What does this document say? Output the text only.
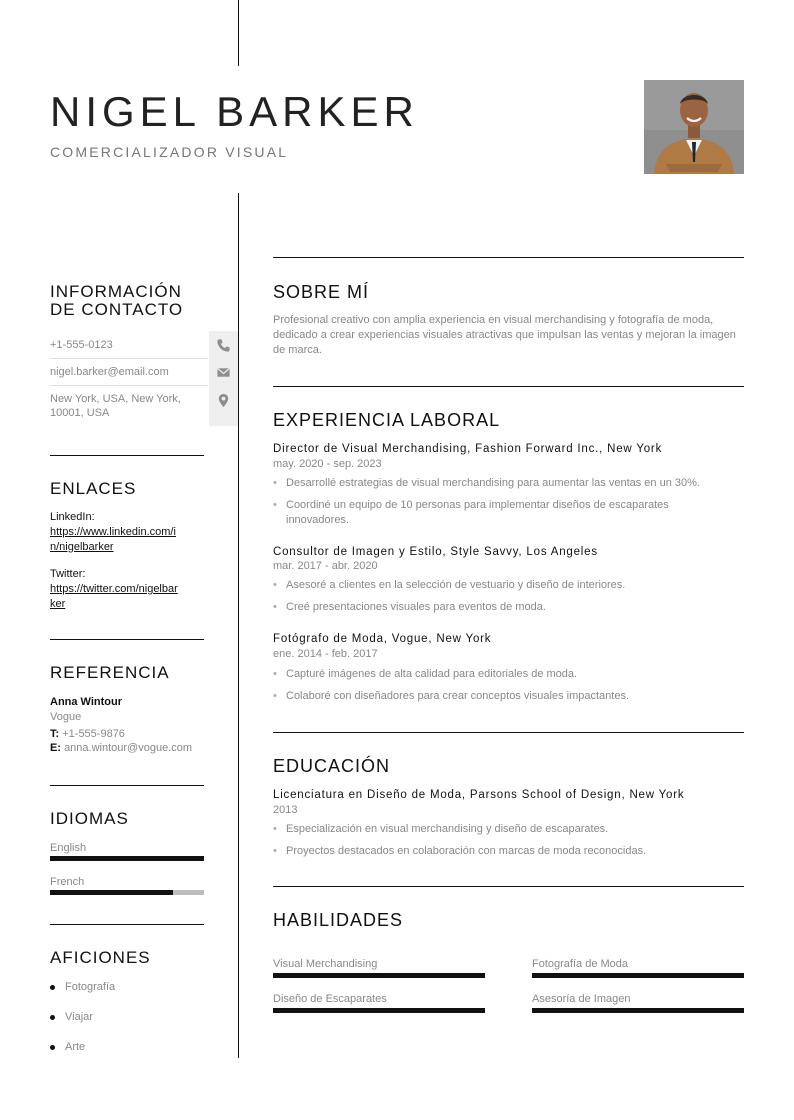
NIGEL BARKER
COMERCIALIZADOR VISUAL
INFORMACIÓN
DE CONTACTO
+1-555-0123
nigel.barker@email.com
New York, USA, New York,
10001, USA
ENLACES
LinkedIn:
https://www.linkedin.com/i
n/nigelbarker
Twitter:
https://twitter.com/nigelbar
ker
REFERENCIA
Anna Wintour
Vogue
T: +1-555-9876
E: anna.wintour@vogue.com
IDIOMAS
English
French
AFICIONES
Fotografía
Viajar
Arte
SOBRE MÍ
Profesional creativo con amplia experiencia en visual merchandising y fotografía de moda, dedicado a crear experiencias visuales atractivas que impulsan las ventas y mejoran la imagen de marca.
EXPERIENCIA LABORAL
Director de Visual Merchandising, Fashion Forward Inc., New York
may. 2020 - sep. 2023
• Desarrollé estrategias de visual merchandising para aumentar las ventas en un 30%.
• Coordiné un equipo de 10 personas para implementar diseños de escaparates innovadores.
Consultor de Imagen y Estilo, Style Savvy, Los Angeles
mar. 2017 - abr. 2020
• Asesoré a clientes en la selección de vestuario y diseño de interiores.
• Creé presentaciones visuales para eventos de moda.
Fotógrafo de Moda, Vogue, New York
ene. 2014 - feb. 2017
• Capturé imágenes de alta calidad para editoriales de moda.
• Colaboré con diseñadores para crear conceptos visuales impactantes.
EDUCACIÓN
Licenciatura en Diseño de Moda, Parsons School of Design, New York
2013
• Especialización en visual merchandising y diseño de escaparates.
• Proyectos destacados en colaboración con marcas de moda reconocidas.
HABILIDADES
Visual Merchandising	Fotografía de Moda
Diseño de Escaparates	Asesoría de Imagen
